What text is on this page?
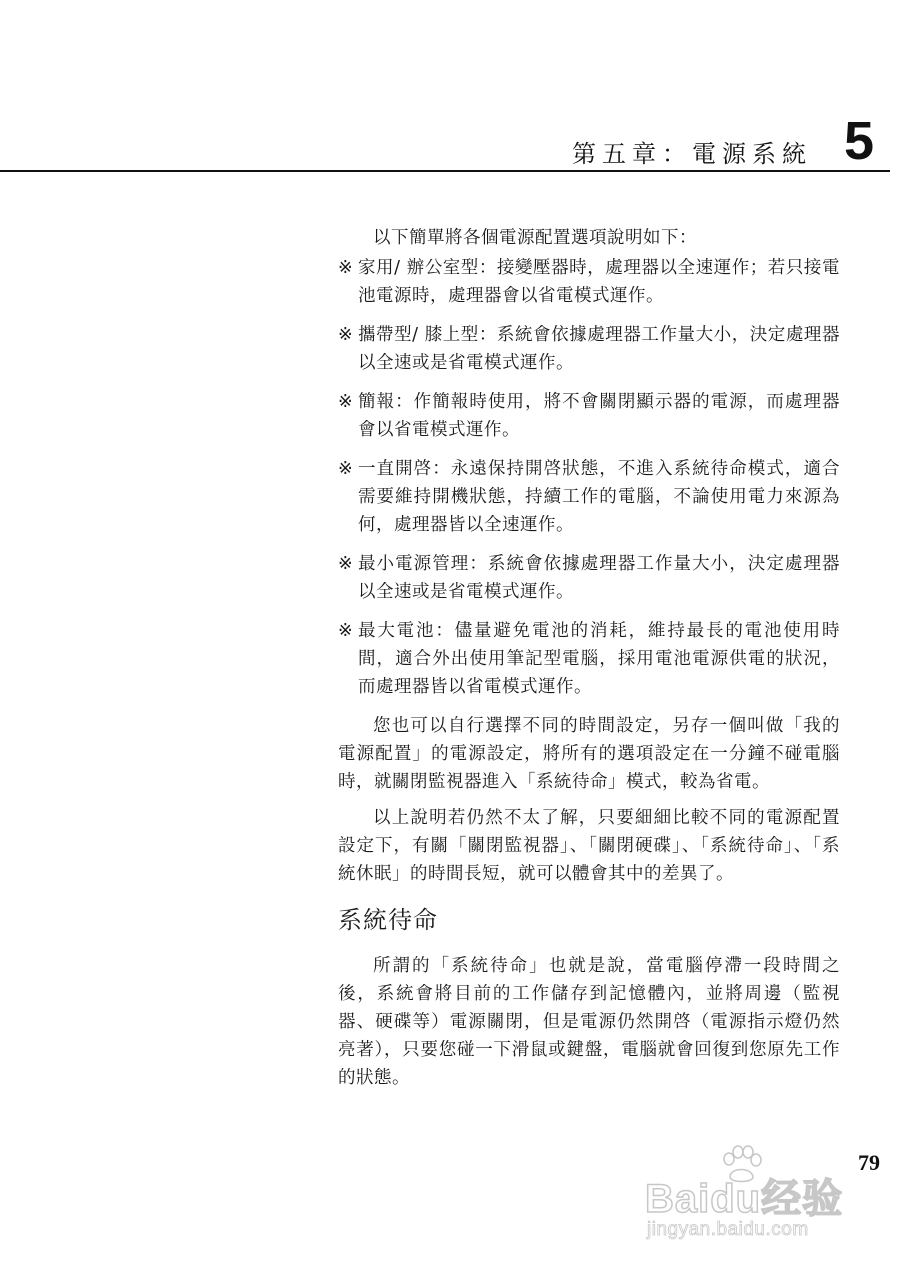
第五章：電源系統 5

以下簡單將各個電源配置選項說明如下：

※ 家用/ 辦公室型：接變壓器時，處理器以全速運作；若只接電池電源時，處理器會以省電模式運作。
※ 攜帶型/ 膝上型：系統會依據處理器工作量大小，決定處理器以全速或是省電模式運作。
※ 簡報：作簡報時使用，將不會關閉顯示器的電源，而處理器會以省電模式運作。
※ 一直開啓：永遠保持開啓狀態，不進入系統待命模式，適合需要維持開機狀態，持續工作的電腦，不論使用電力來源為何，處理器皆以全速運作。
※ 最小電源管理：系統會依據處理器工作量大小，決定處理器以全速或是省電模式運作。
※ 最大電池：儘量避免電池的消耗，維持最長的電池使用時間，適合外出使用筆記型電腦，採用電池電源供電的狀況，而處理器皆以省電模式運作。

您也可以自行選擇不同的時間設定，另存一個叫做「我的電源配置」的電源設定，將所有的選項設定在一分鐘不碰電腦時，就關閉監視器進入「系統待命」模式，較為省電。

以上說明若仍然不太了解，只要細細比較不同的電源配置設定下，有關「關閉監視器」、「關閉硬碟」、「系統待命」、「系統休眠」的時間長短，就可以體會其中的差異了。

系統待命

所謂的「系統待命」也就是說，當電腦停滯一段時間之後，系統會將目前的工作儲存到記憶體內，並將周邊（監視器、硬碟等）電源關閉，但是電源仍然開啓（電源指示燈仍然亮著），只要您碰一下滑鼠或鍵盤，電腦就會回復到您原先工作的狀態。

79
Baidu经验
jingyan.baidu.com
